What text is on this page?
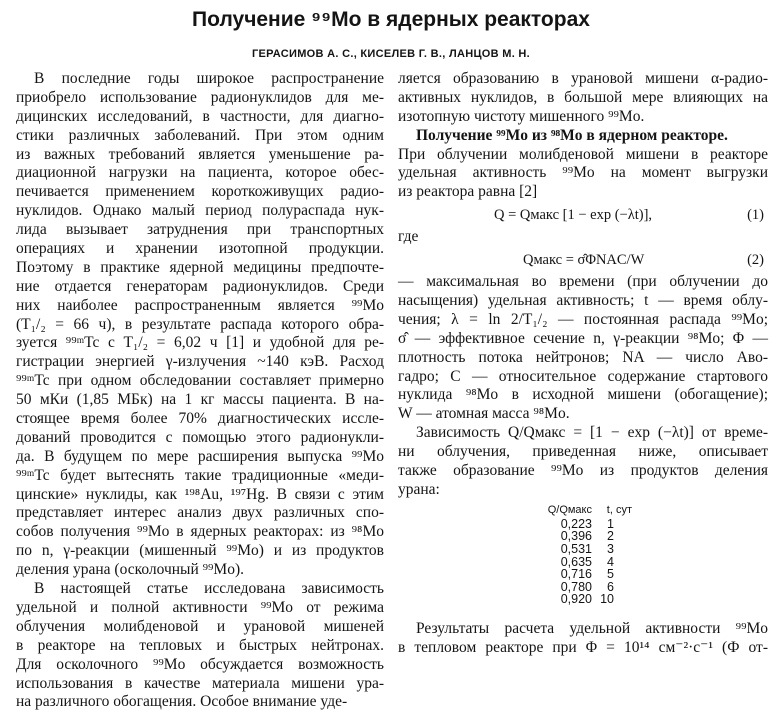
Получение ⁹⁹Mo в ядерных реакторах
ГЕРАСИМОВ А. С., КИСЕЛЕВ Г. В., ЛАНЦОВ М. Н.
В последние годы широкое распространение
приобрело использование радионуклидов для ме-
дицинских исследований, в частности, для диагно-
стики различных заболеваний. При этом одним
из важных требований является уменьшение ра-
диационной нагрузки на пациента, которое обес-
печивается применением короткоживущих радио-
нуклидов. Однако малый период полураспада нук-
лида вызывает затруднения при транспортных
операциях и хранении изотопной продукции.
Поэтому в практике ядерной медицины предпочте-
ние отдается генераторам радионуклидов. Среди
них наиболее распространенным является ⁹⁹Mo
(T₁/₂ = 66 ч), в результате распада которого обра-
зуется ⁹⁹ᵐTc с T₁/₂ = 6,02 ч [1] и удобной для ре-
гистрации энергией γ-излучения ~140 кэВ. Расход
⁹⁹ᵐTc при одном обследовании составляет примерно
50 мКи (1,85 МБк) на 1 кг массы пациента. В на-
стоящее время более 70% диагностических иссле-
дований проводится с помощью этого радионукли-
да. В будущем по мере расширения выпуска ⁹⁹Mo
⁹⁹ᵐTc будет вытеснять такие традиционные «меди-
цинские» нуклиды, как ¹⁹⁸Au, ¹⁹⁷Hg. В связи с этим
представляет интерес анализ двух различных спо-
собов получения ⁹⁹Mo в ядерных реакторах: из ⁹⁸Mo
по n, γ-реакции (мишенный ⁹⁹Mo) и из продуктов
деления урана (осколочный ⁹⁹Mo).
В настоящей статье исследована зависимость
удельной и полной активности ⁹⁹Mo от режима
облучения молибденовой и урановой мишеней
в реакторе на тепловых и быстрых нейтронах.
Для осколочного ⁹⁹Mo обсуждается возможность
использования в качестве материала мишени ура-
на различного обогащения. Особое внимание уде-
ляется образованию в урановой мишени α-радио-
активных нуклидов, в большой мере влияющих на
изотопную чистоту мишенного ⁹⁹Mo.
Получение ⁹⁹Mo из ⁹⁸Mo в ядерном реакторе.
При облучении молибденовой мишени в реакторе
удельная активность ⁹⁹Mo на момент выгрузки
из реактора равна [2]
Q = Qмакс [1 − exp (−λt)],	(1)
где
Qмакс = σ̂ΦNAC/W	(2)
— максимальная во времени (при облучении до
насыщения) удельная активность; t — время облу-
чения; λ = ln 2/T₁/₂ — постоянная распада ⁹⁹Mo;
σ̂ — эффективное сечение n, γ-реакции ⁹⁸Mo; Φ —
плотность потока нейтронов; NA — число Аво-
гадро; C — относительное содержание стартового
нуклида ⁹⁸Mo в исходной мишени (обогащение);
W — атомная масса ⁹⁸Mo.
Зависимость Q/Qмакс = [1 − exp (−λt)] от време-
ни облучения, приведенная ниже, описывает
также образование ⁹⁹Mo из продуктов деления
урана:
Q/Qмакс t, сут
0,223 1
0,396 2
0,531 3
0,635 4
0,716 5
0,780 6
0,920 10
Результаты расчета удельной активности ⁹⁹Mo
в тепловом реакторе при Φ = 10¹⁴ см⁻²·с⁻¹ (Ф от-
